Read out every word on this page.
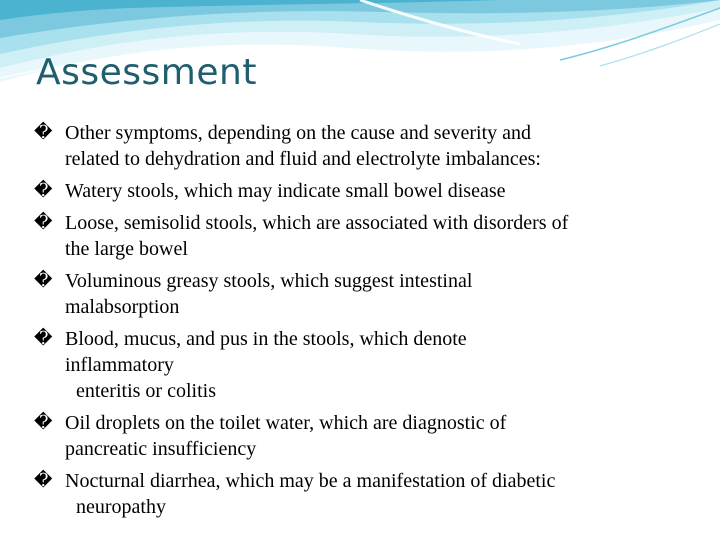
Assessment
� Other symptoms, depending on the cause and severity and
related to dehydration and fluid and electrolyte imbalances:
� Watery stools, which may indicate small bowel disease
� Loose, semisolid stools, which are associated with disorders of
the large bowel
� Voluminous greasy stools, which suggest intestinal
malabsorption
� Blood, mucus, and pus in the stools, which denote
inflammatory
enteritis or colitis
� Oil droplets on the toilet water, which are diagnostic of
pancreatic insufficiency
� Nocturnal diarrhea, which may be a manifestation of diabetic
neuropathy
